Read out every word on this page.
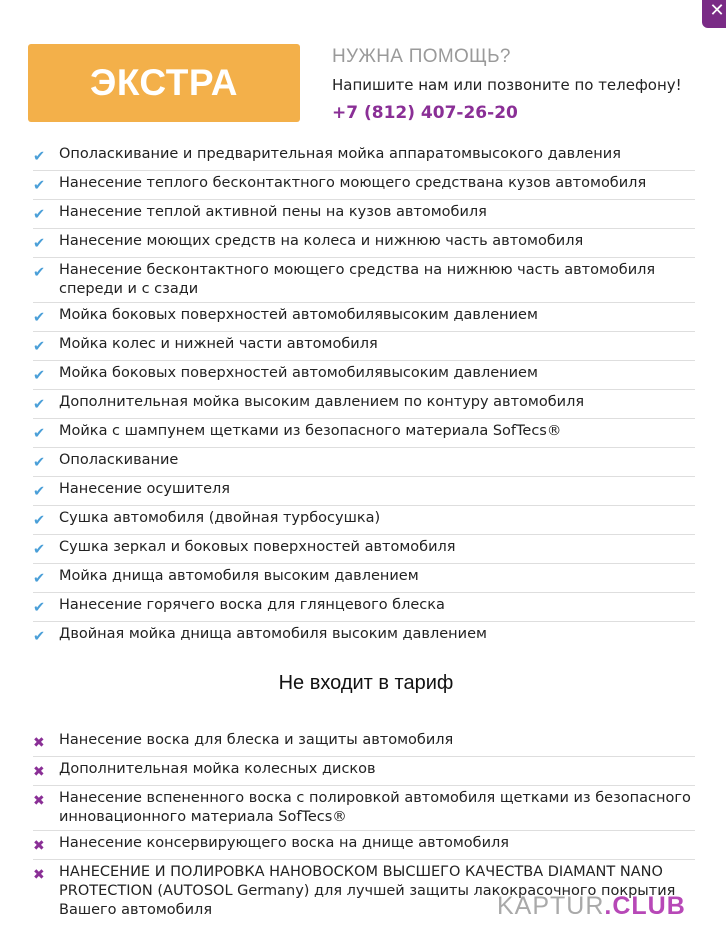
✕
ЭКСТРА
НУЖНА ПОМОЩЬ?
Напишите нам или позвоните по телефону!
+7 (812) 407-26-20
✔ Ополаскивание и предварительная мойка аппаратомвысокого давления
✔ Нанесение теплого бесконтактного моющего средствана кузов автомобиля
✔ Нанесение теплой активной пены на кузов автомобиля
✔ Нанесение моющих средств на колеса и нижнюю часть автомобиля
✔ Нанесение бесконтактного моющего средства на нижнюю часть автомобиля спереди и с сзади
✔ Мойка боковых поверхностей автомобилявысоким давлением
✔ Мойка колес и нижней части автомобиля
✔ Мойка боковых поверхностей автомобилявысоким давлением
✔ Дополнительная мойка высоким давлением по контуру автомобиля
✔ Мойка с шампунем щетками из безопасного материала SofTecs®
✔ Ополаскивание
✔ Нанесение осушителя
✔ Сушка автомобиля (двойная турбосушка)
✔ Сушка зеркал и боковых поверхностей автомобиля
✔ Мойка днища автомобиля высоким давлением
✔ Нанесение горячего воска для глянцевого блеска
✔ Двойная мойка днища автомобиля высоким давлением
Не входит в тариф
✖ Нанесение воска для блеска и защиты автомобиля
✖ Дополнительная мойка колесных дисков
✖ Нанесение вспененного воска с полировкой автомобиля щетками из безопасного инновационного материала SofTecs®
✖ Нанесение консервирующего воска на днище автомобиля
✖ НАНЕСЕНИЕ И ПОЛИРОВКА НАНОВОСКОМ ВЫСШЕГО КАЧЕСТВА DIAMANT NANO PROTECTION (AUTOSOL Germany) для лучшей защиты лакокрасочного покрытия Вашего автомобиля	KAPTUR.CLUB
